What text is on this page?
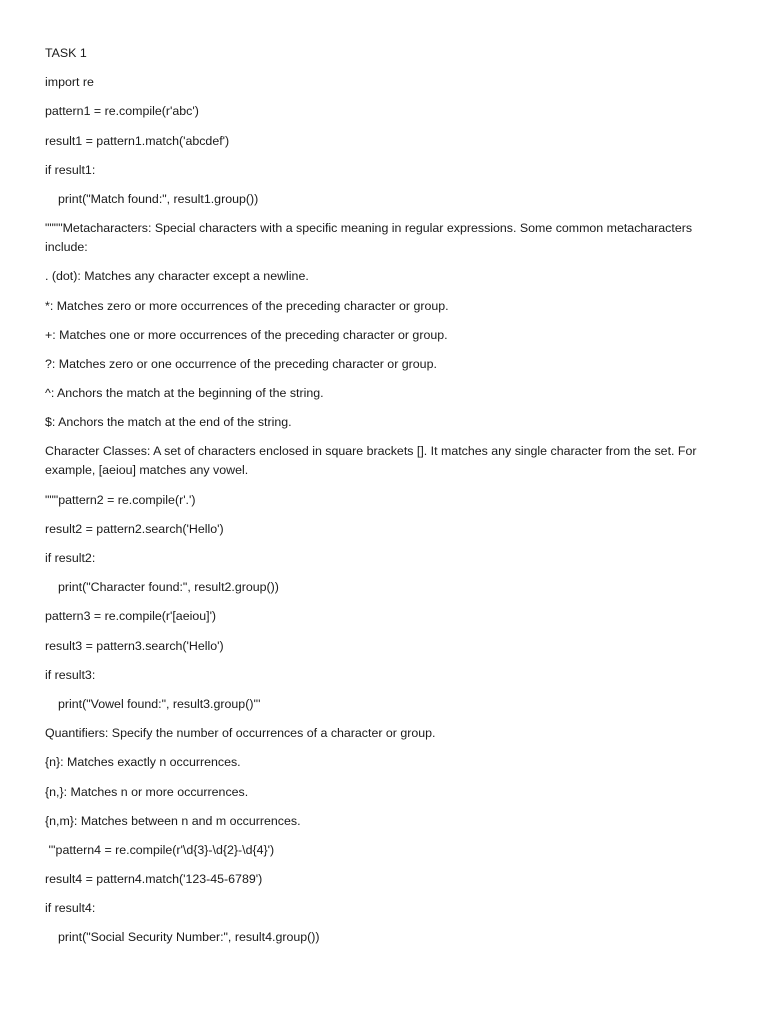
TASK 1
import re
pattern1 = re.compile(r'abc')
result1 = pattern1.match('abcdef')
if result1:
print("Match found:", result1.group())
""""Metacharacters: Special characters with a specific meaning in regular expressions. Some common metacharacters include:
. (dot): Matches any character except a newline.
*: Matches zero or more occurrences of the preceding character or group.
+: Matches one or more occurrences of the preceding character or group.
?: Matches zero or one occurrence of the preceding character or group.
^: Anchors the match at the beginning of the string.
$: Anchors the match at the end of the string.
Character Classes: A set of characters enclosed in square brackets []. It matches any single character from the set. For example, [aeiou] matches any vowel.
"""pattern2 = re.compile(r'.')
result2 = pattern2.search('Hello')
if result2:
print("Character found:", result2.group())
pattern3 = re.compile(r'[aeiou]')
result3 = pattern3.search('Hello')
if result3:
print("Vowel found:", result3.group()'''
Quantifiers: Specify the number of occurrences of a character or group.
{n}: Matches exactly n occurrences.
{n,}: Matches n or more occurrences.
{n,m}: Matches between n and m occurrences.
'''pattern4 = re.compile(r'\d{3}-\d{2}-\d{4}')
result4 = pattern4.match('123-45-6789')
if result4:
print("Social Security Number:", result4.group())
